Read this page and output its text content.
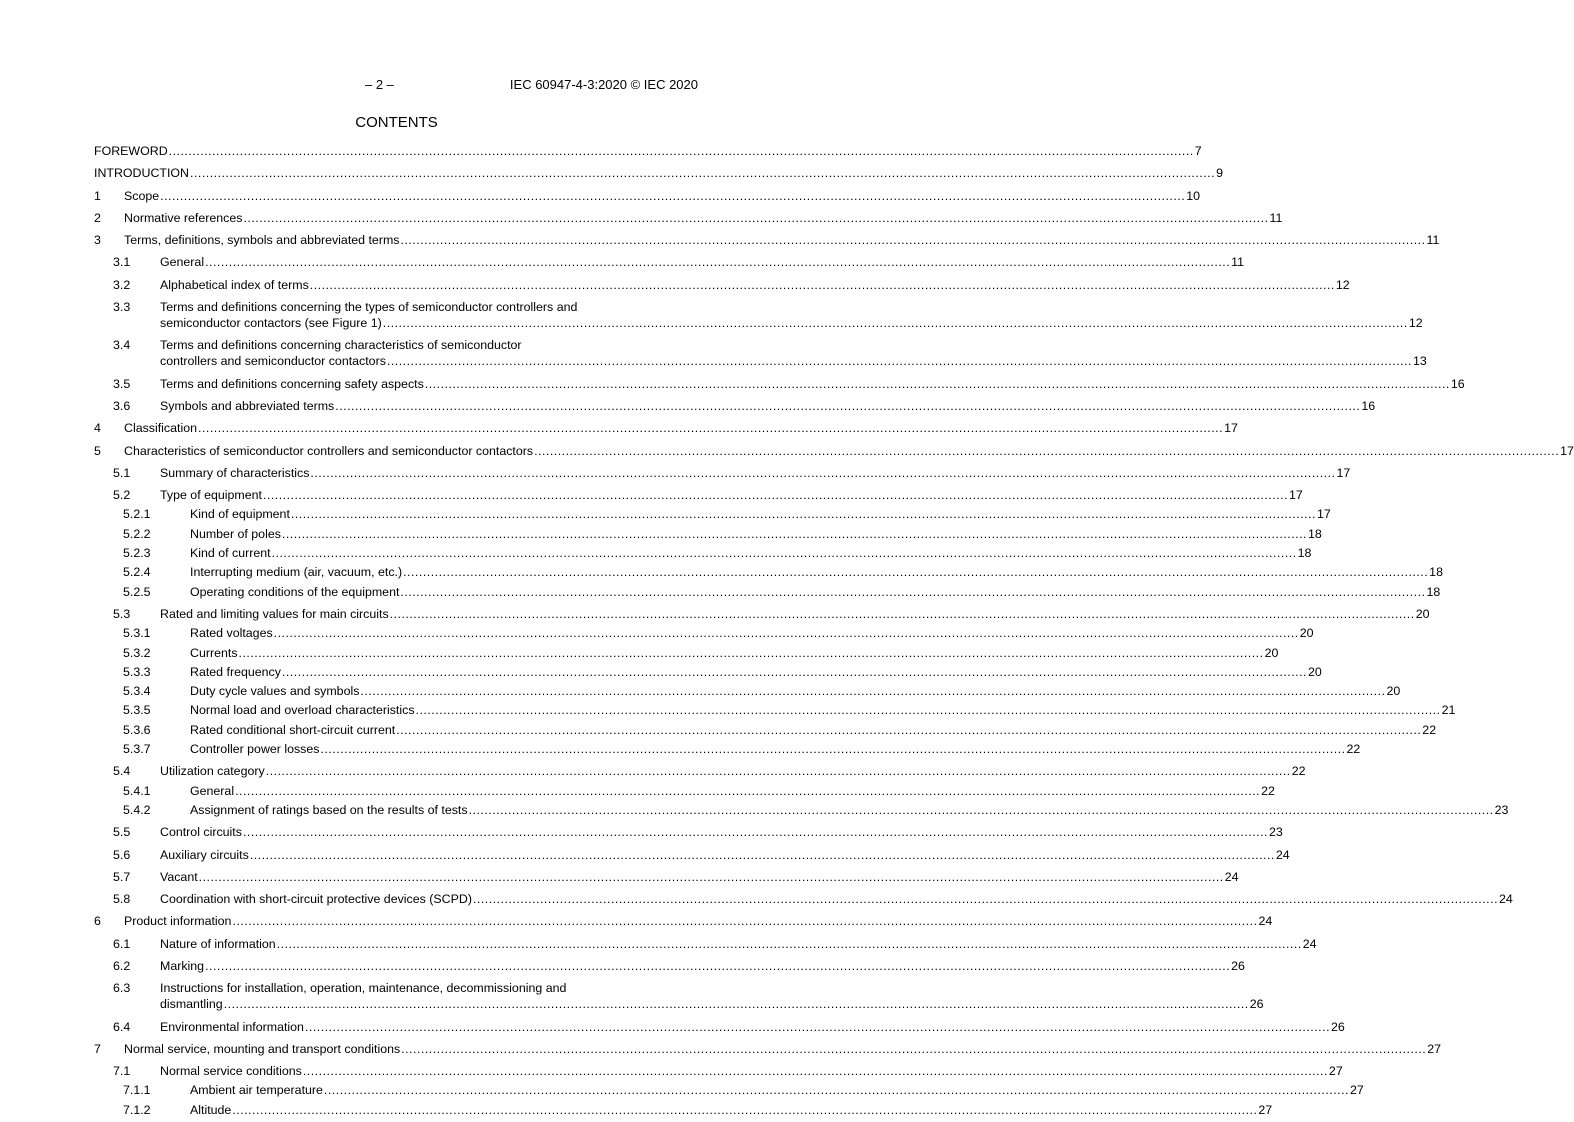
– 2 –	IEC 60947-4-3:2020 © IEC 2020
CONTENTS
FOREWORD .................................................................................................................................................................................................................................................................... 7
INTRODUCTION .................................................................................................................................................................................................................................................................... 9
1 Scope .................................................................................................................................................................................................................................................................... 10
2 Normative references .................................................................................................................................................................................................................................................................... 11
3 Terms, definitions, symbols and abbreviated terms .................................................................................................................................................................................................................................................................... 11
3.1 General .................................................................................................................................................................................................................................................................... 11
3.2 Alphabetical index of terms .................................................................................................................................................................................................................................................................... 12
3.3 Terms and definitions concerning the types of semiconductor controllers and
semiconductor contactors (see Figure 1) .................................................................................................................................................................................................................................................................... 12
3.4 Terms and definitions concerning characteristics of semiconductor
controllers and semiconductor contactors .................................................................................................................................................................................................................................................................... 13
3.5 Terms and definitions concerning safety aspects .................................................................................................................................................................................................................................................................... 16
3.6 Symbols and abbreviated terms .................................................................................................................................................................................................................................................................... 16
4 Classification .................................................................................................................................................................................................................................................................... 17
5 Characteristics of semiconductor controllers and semiconductor contactors .................................................................................................................................................................................................................................................................... 17
5.1 Summary of characteristics .................................................................................................................................................................................................................................................................... 17
5.2 Type of equipment .................................................................................................................................................................................................................................................................... 17
5.2.1	Kind of equipment .................................................................................................................................................................................................................................................................... 17
5.2.2	Number of poles .................................................................................................................................................................................................................................................................... 18
5.2.3	Kind of current .................................................................................................................................................................................................................................................................... 18
5.2.4	Interrupting medium (air, vacuum, etc.) .................................................................................................................................................................................................................................................................... 18
5.2.5	Operating conditions of the equipment .................................................................................................................................................................................................................................................................... 18
5.3 Rated and limiting values for main circuits .................................................................................................................................................................................................................................................................... 20
5.3.1	Rated voltages .................................................................................................................................................................................................................................................................... 20
5.3.2	Currents .................................................................................................................................................................................................................................................................... 20
5.3.3	Rated frequency .................................................................................................................................................................................................................................................................... 20
5.3.4	Duty cycle values and symbols .................................................................................................................................................................................................................................................................... 20
5.3.5	Normal load and overload characteristics .................................................................................................................................................................................................................................................................... 21
5.3.6	Rated conditional short-circuit current .................................................................................................................................................................................................................................................................... 22
5.3.7	Controller power losses .................................................................................................................................................................................................................................................................... 22
5.4 Utilization category .................................................................................................................................................................................................................................................................... 22
5.4.1	General .................................................................................................................................................................................................................................................................... 22
5.4.2	Assignment of ratings based on the results of tests .................................................................................................................................................................................................................................................................... 23
5.5 Control circuits .................................................................................................................................................................................................................................................................... 23
5.6 Auxiliary circuits .................................................................................................................................................................................................................................................................... 24
5.7 Vacant .................................................................................................................................................................................................................................................................... 24
5.8 Coordination with short-circuit protective devices (SCPD) .................................................................................................................................................................................................................................................................... 24
6 Product information .................................................................................................................................................................................................................................................................... 24
6.1 Nature of information .................................................................................................................................................................................................................................................................... 24
6.2 Marking .................................................................................................................................................................................................................................................................... 26
6.3 Instructions for installation, operation, maintenance, decommissioning and
dismantling .................................................................................................................................................................................................................................................................... 26
6.4 Environmental information .................................................................................................................................................................................................................................................................... 26
7 Normal service, mounting and transport conditions .................................................................................................................................................................................................................................................................... 27
7.1 Normal service conditions .................................................................................................................................................................................................................................................................... 27
7.1.1	Ambient air temperature .................................................................................................................................................................................................................................................................... 27
7.1.2	Altitude .................................................................................................................................................................................................................................................................... 27
